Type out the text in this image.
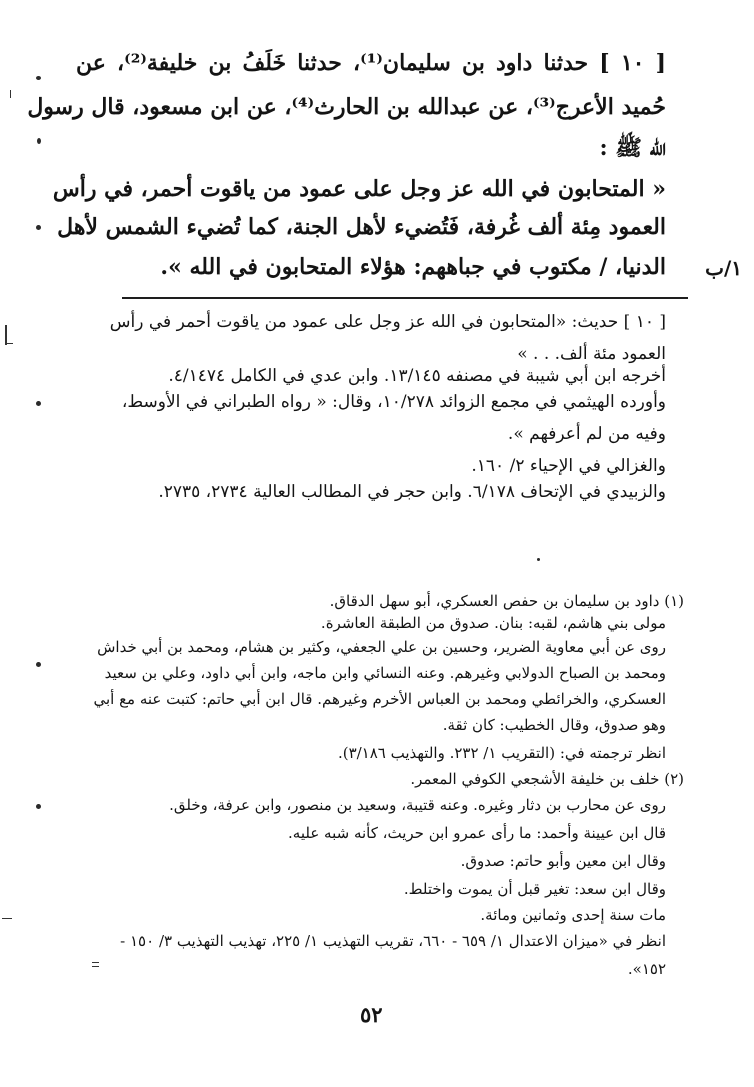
[ ١٠ ] حدثنا داود بن سليمان⁽¹⁾، حدثنا خَلَفُ بن خليفة⁽²⁾، عن

حُميد الأعرج⁽³⁾، عن عبدالله بن الحارث⁽⁴⁾، عن ابن مسعود، قال رسول

الله ﷺ :

« المتحابون في الله عز وجل على عمود من ياقوت أحمر، في رأس

العمود مِئة ألف غُرفة، فَتُضيء لأهل الجنة، كما تُضيء الشمس لأهل

الدنيا، / مكتوب في جباههم: هؤلاء المتحابون في الله ». ١/ب

[ ١٠ ] حديث: «المتحابون في الله عز وجل على عمود من ياقوت أحمر في رأس

العمود مئة ألف. . . »

أخرجه ابن أبي شيبة في مصنفه ١٣/١٤٥. وابن عدي في الكامل ٤/١٤٧٤.

وأورده الهيثمي في مجمع الزوائد ١٠/٢٧٨، وقال: « رواه الطبراني في الأوسط،

وفيه من لم أعرفهم ».

والغزالي في الإحياء ٢/ ١٦٠.

والزبيدي في الإتحاف ٦/١٧٨. وابن حجر في المطالب العالية ٢٧٣٤، ٢٧٣٥.

(١) داود بن سليمان بن حفص العسكري، أبو سهل الدقاق.

مولى بني هاشم، لقبه: بنان. صدوق من الطبقة العاشرة.

روى عن أبي معاوية الضرير، وحسين بن علي الجعفي، وكثير بن هشام، ومحمد بن أبي خداش

ومحمد بن الصباح الدولابي وغيرهم. وعنه النسائي وابن ماجه، وابن أبي داود، وعلي بن سعيد

العسكري، والخرائطي ومحمد بن العباس الأخرم وغيرهم. قال ابن أبي حاتم: كتبت عنه مع أبي

وهو صدوق، وقال الخطيب: كان ثقة.

انظر ترجمته في: (التقريب ١/ ٢٣٢. والتهذيب ٣/١٨٦).

(٢) خلف بن خليفة الأشجعي الكوفي المعمر.

روى عن محارب بن دثار وغيره. وعنه قتيبة، وسعيد بن منصور، وابن عرفة، وخلق.

قال ابن عيينة وأحمد: ما رأى عمرو ابن حريث، كأنه شبه عليه.

وقال ابن معين وأبو حاتم: صدوق.

وقال ابن سعد: تغير قبل أن يموت واختلط.

مات سنة إحدى وثمانين ومائة.

انظر في «ميزان الاعتدال ١/ ٦٥٩ - ٦٦٠، تقريب التهذيب ١/ ٢٢٥، تهذيب التهذيب ٣/ ١٥٠ -

١٥٢».

٥٢
